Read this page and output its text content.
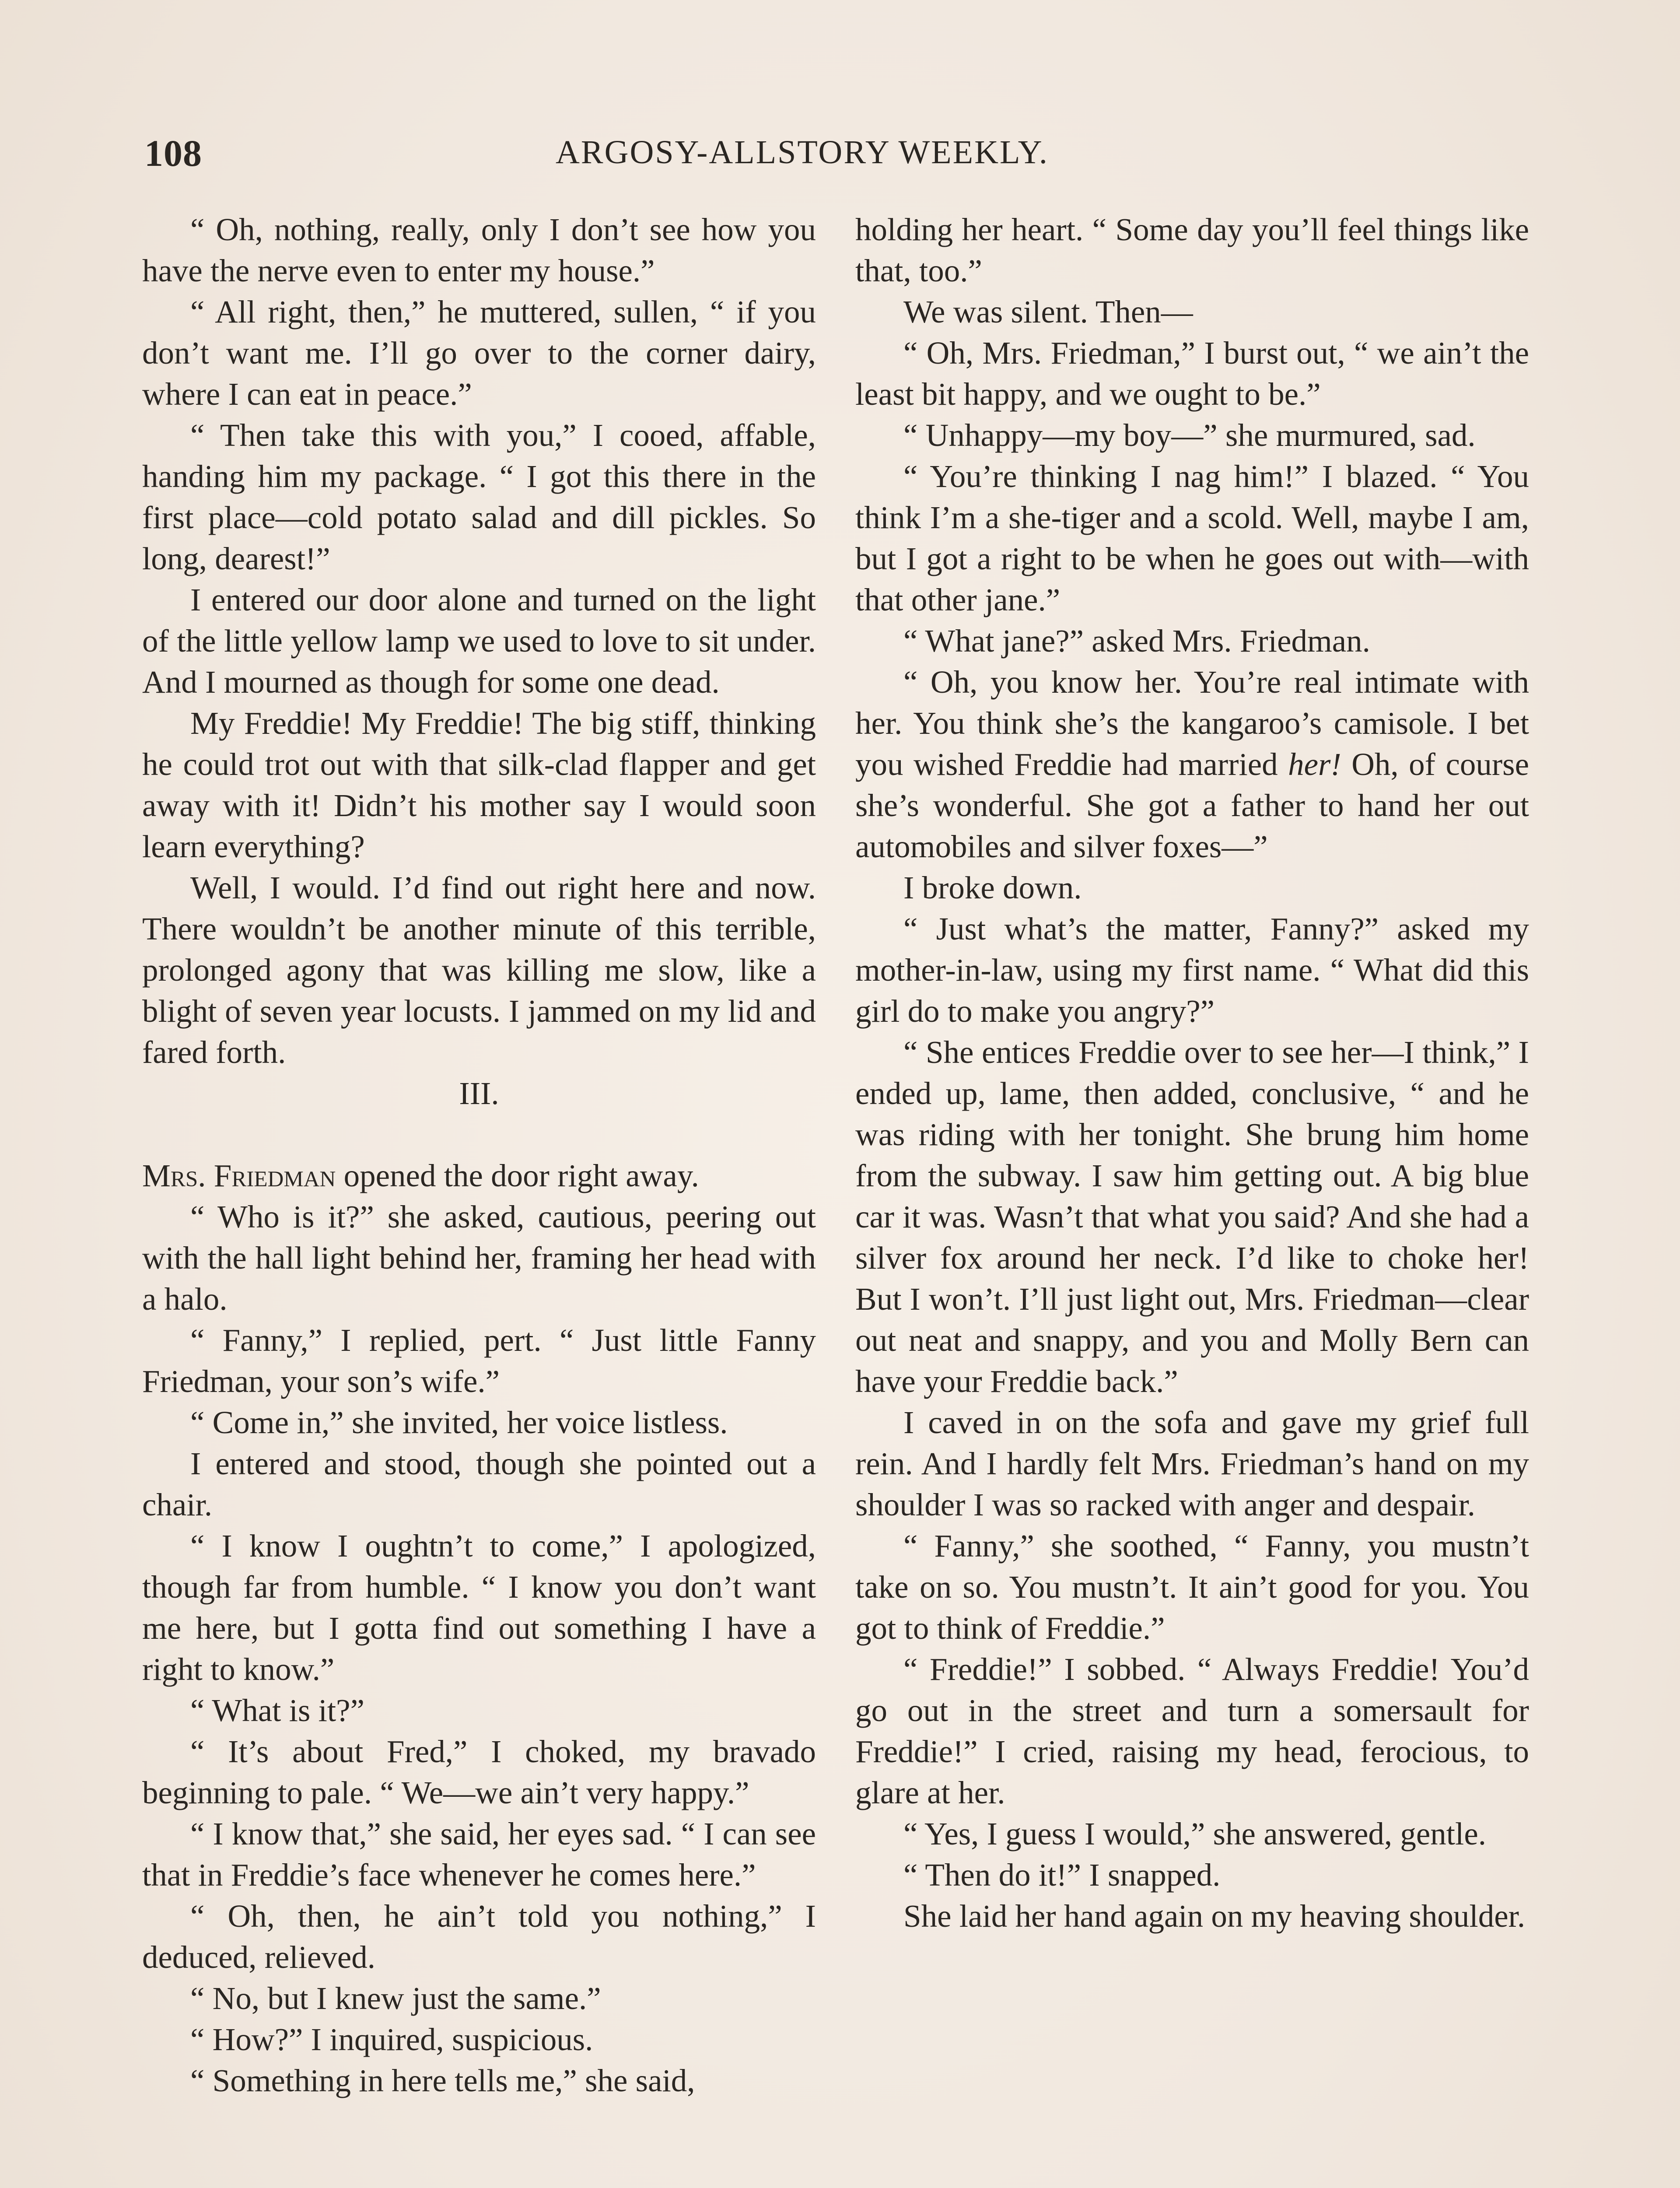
108	ARGOSY-ALLSTORY WEEKLY.

“ Oh, nothing, really, only I don’t see how you have the nerve even to enter my house.”

“ All right, then,” he muttered, sullen, “ if you don’t want me. I’ll go over to the corner dairy, where I can eat in peace.”

“ Then take this with you,” I cooed, affable, handing him my package. “ I got this there in the first place—cold potato salad and dill pickles. So long, dearest!”

I entered our door alone and turned on the light of the little yellow lamp we used to love to sit under. And I mourned as though for some one dead.

My Freddie! My Freddie! The big stiff, thinking he could trot out with that silk-clad flapper and get away with it! Didn’t his mother say I would soon learn everything?

Well, I would. I’d find out right here and now. There wouldn’t be another minute of this terrible, prolonged agony that was killing me slow, like a blight of seven year locusts. I jammed on my lid and fared forth.

III.

Mrs. Friedman opened the door right away.

“ Who is it?” she asked, cautious, peering out with the hall light behind her, framing her head with a halo.

“ Fanny,” I replied, pert. “ Just little Fanny Friedman, your son’s wife.”

“ Come in,” she invited, her voice listless.

I entered and stood, though she pointed out a chair.

“ I know I oughtn’t to come,” I apologized, though far from humble. “ I know you don’t want me here, but I gotta find out something I have a right to know.”

“ What is it?”

“ It’s about Fred,” I choked, my bravado beginning to pale. “ We—we ain’t very happy.”

“ I know that,” she said, her eyes sad. “ I can see that in Freddie’s face whenever he comes here.”

“ Oh, then, he ain’t told you nothing,” I deduced, relieved.

“ No, but I knew just the same.”

“ How?” I inquired, suspicious.

“ Something in here tells me,” she said,

holding her heart. “ Some day you’ll feel things like that, too.”

We was silent. Then—

“ Oh, Mrs. Friedman,” I burst out, “ we ain’t the least bit happy, and we ought to be.”

“ Unhappy—my boy—” she murmured, sad.

“ You’re thinking I nag him!” I blazed. “ You think I’m a she-tiger and a scold. Well, maybe I am, but I got a right to be when he goes out with—with that other jane.”

“ What jane?” asked Mrs. Friedman.

“ Oh, you know her. You’re real intimate with her. You think she’s the kangaroo’s camisole. I bet you wished Freddie had married her! Oh, of course she’s wonderful. She got a father to hand her out automobiles and silver foxes—”

I broke down.

“ Just what’s the matter, Fanny?” asked my mother-in-law, using my first name. “ What did this girl do to make you angry?”

“ She entices Freddie over to see her—I think,” I ended up, lame, then added, conclusive, “ and he was riding with her tonight. She brung him home from the subway. I saw him getting out. A big blue car it was. Wasn’t that what you said? And she had a silver fox around her neck. I’d like to choke her! But I won’t. I’ll just light out, Mrs. Friedman—clear out neat and snappy, and you and Molly Bern can have your Freddie back.”

I caved in on the sofa and gave my grief full rein. And I hardly felt Mrs. Friedman’s hand on my shoulder I was so racked with anger and despair.

“ Fanny,” she soothed, “ Fanny, you mustn’t take on so. You mustn’t. It ain’t good for you. You got to think of Freddie.”

“ Freddie!” I sobbed. “ Always Freddie! You’d go out in the street and turn a somersault for Freddie!” I cried, raising my head, ferocious, to glare at her.

“ Yes, I guess I would,” she answered, gentle.

“ Then do it!” I snapped.

She laid her hand again on my heaving shoulder.
